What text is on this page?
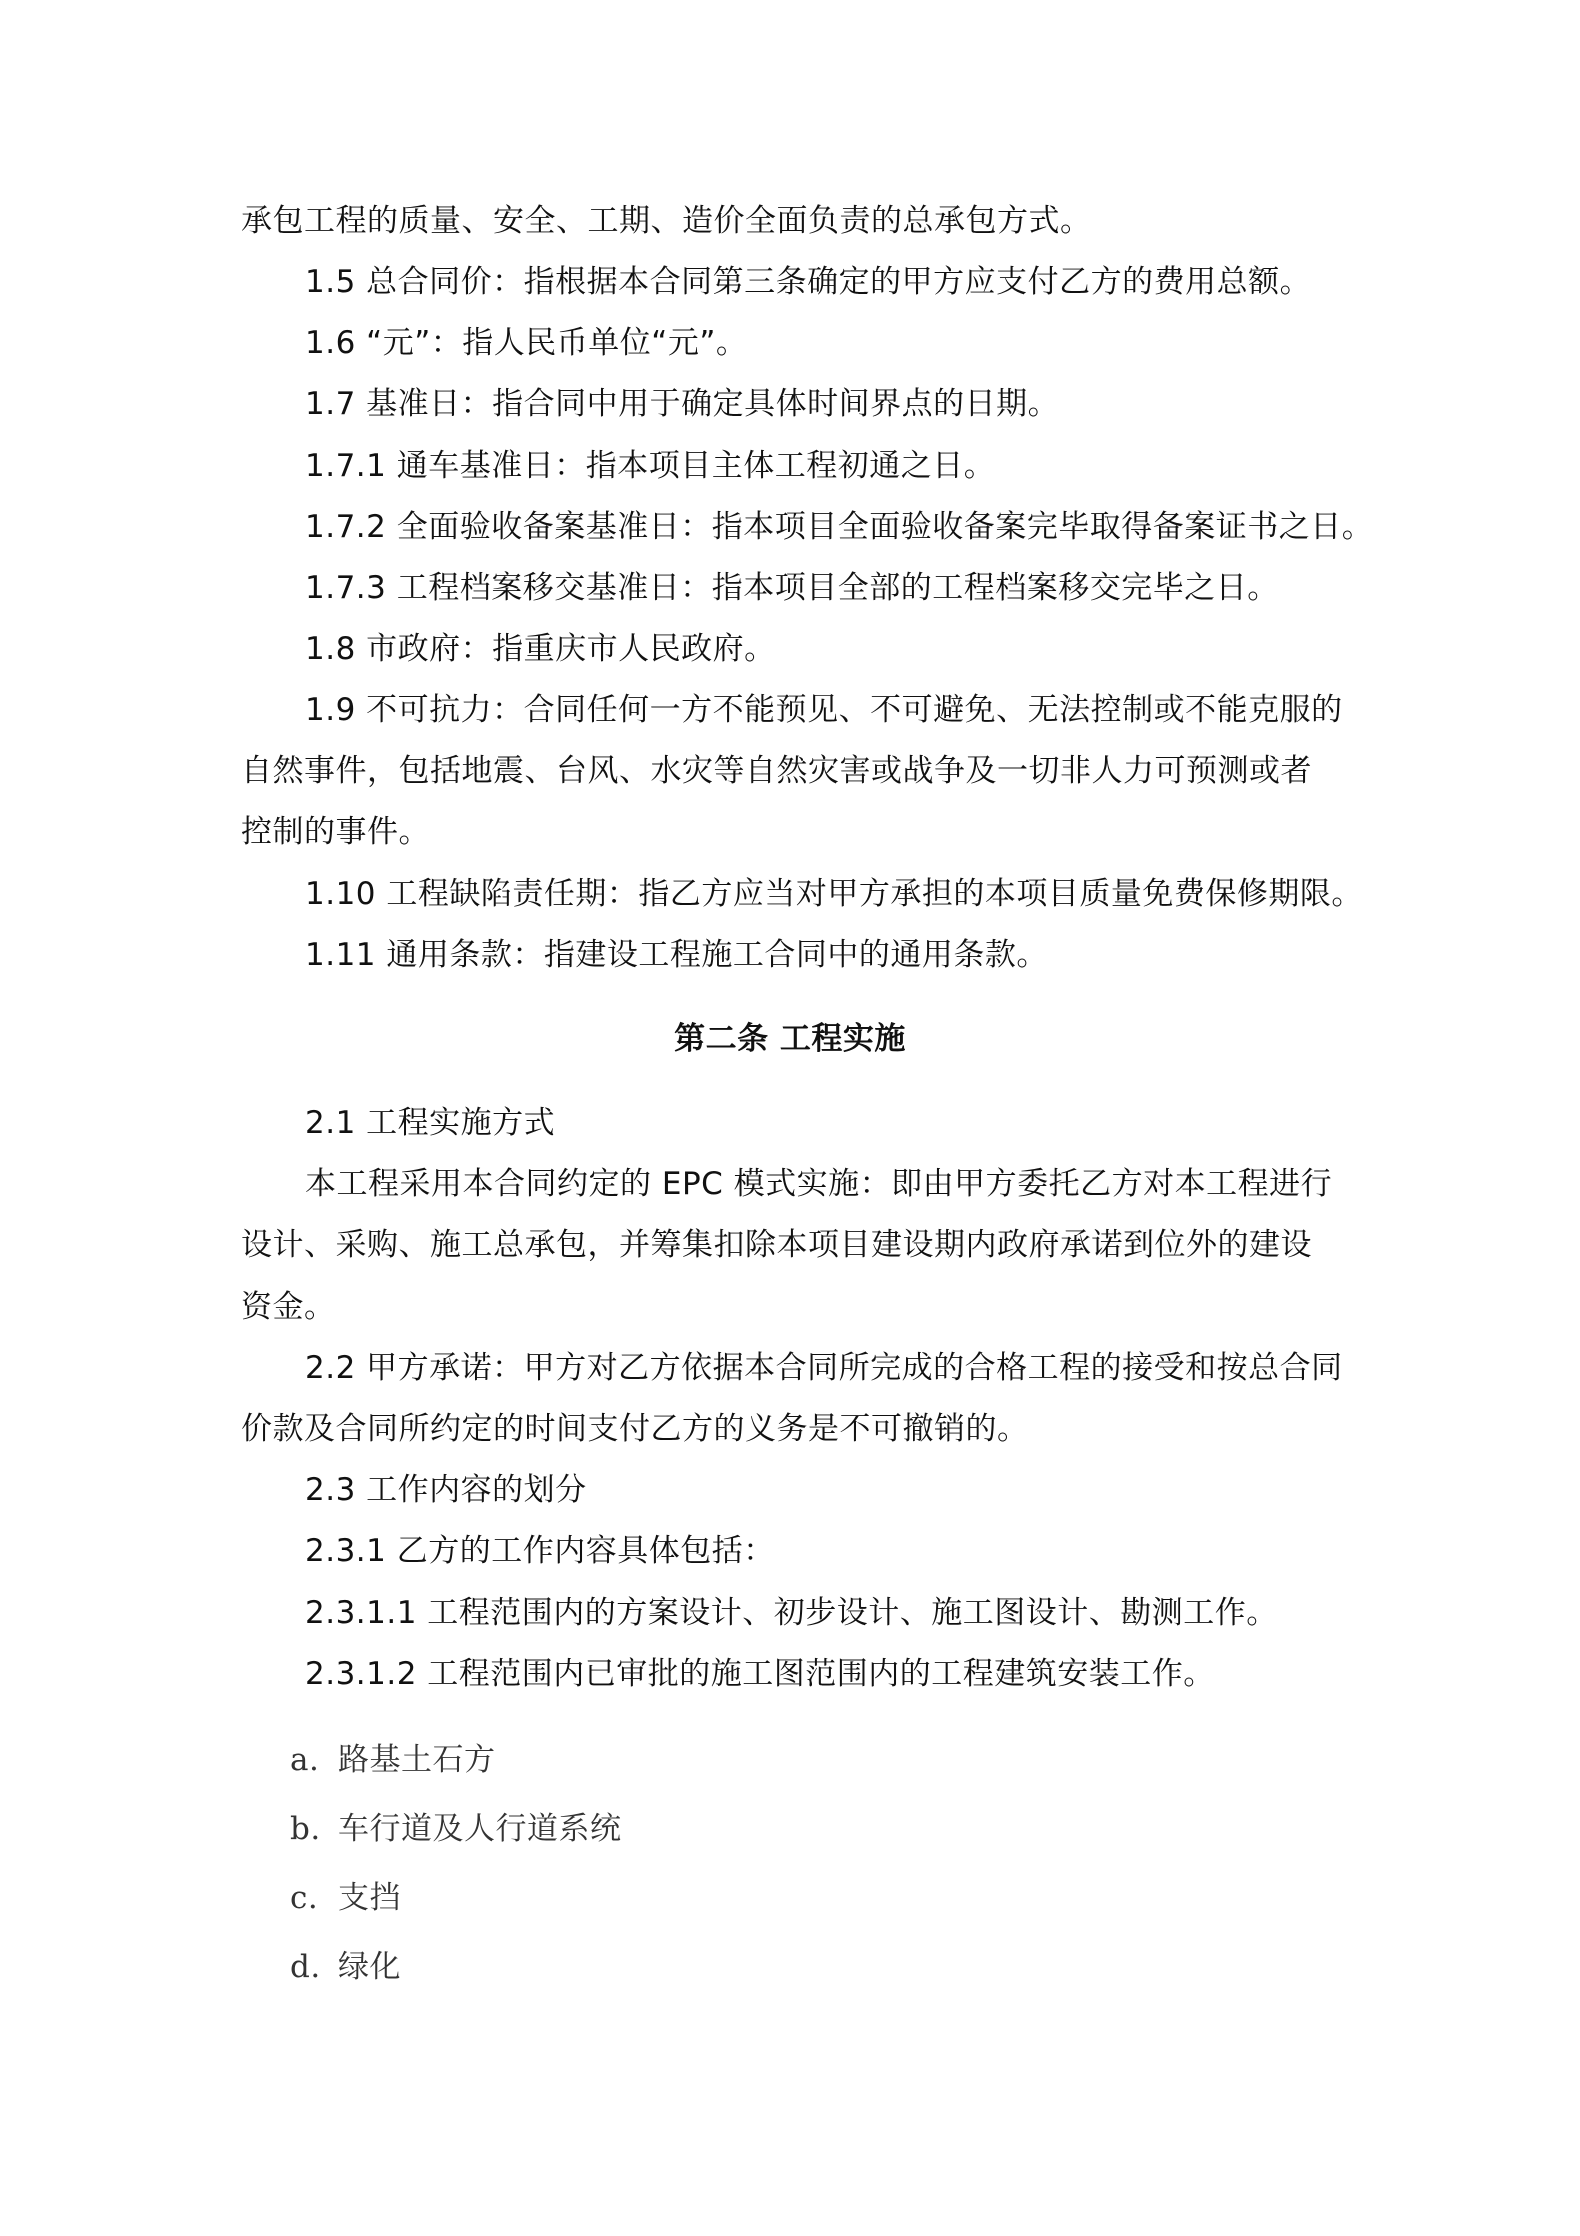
承包工程的质量、安全、工期、造价全面负责的总承包方式。
1.5 总合同价：指根据本合同第三条确定的甲方应支付乙方的费用总额。
1.6 “元”：指人民币单位“元”。
1.7 基准日：指合同中用于确定具体时间界点的日期。
1.7.1 通车基准日：指本项目主体工程初通之日。
1.7.2 全面验收备案基准日：指本项目全面验收备案完毕取得备案证书之日。
1.7.3 工程档案移交基准日：指本项目全部的工程档案移交完毕之日。
1.8 市政府：指重庆市人民政府。
1.9 不可抗力：合同任何一方不能预见、不可避免、无法控制或不能克服的
自然事件，包括地震、台风、水灾等自然灾害或战争及一切非人力可预测或者
控制的事件。
1.10 工程缺陷责任期：指乙方应当对甲方承担的本项目质量免费保修期限。
1.11 通用条款：指建设工程施工合同中的通用条款。
第二条 工程实施
2.1 工程实施方式
本工程采用本合同约定的 EPC 模式实施：即由甲方委托乙方对本工程进行
设计、采购、施工总承包，并筹集扣除本项目建设期内政府承诺到位外的建设
资金。
2.2 甲方承诺：甲方对乙方依据本合同所完成的合格工程的接受和按总合同
价款及合同所约定的时间支付乙方的义务是不可撤销的。
2.3 工作内容的划分
2.3.1 乙方的工作内容具体包括：
2.3.1.1 工程范围内的方案设计、初步设计、施工图设计、勘测工作。
2.3.1.2 工程范围内已审批的施工图范围内的工程建筑安装工作。
a. 路基土石方
b. 车行道及人行道系统
c. 支挡
d. 绿化
